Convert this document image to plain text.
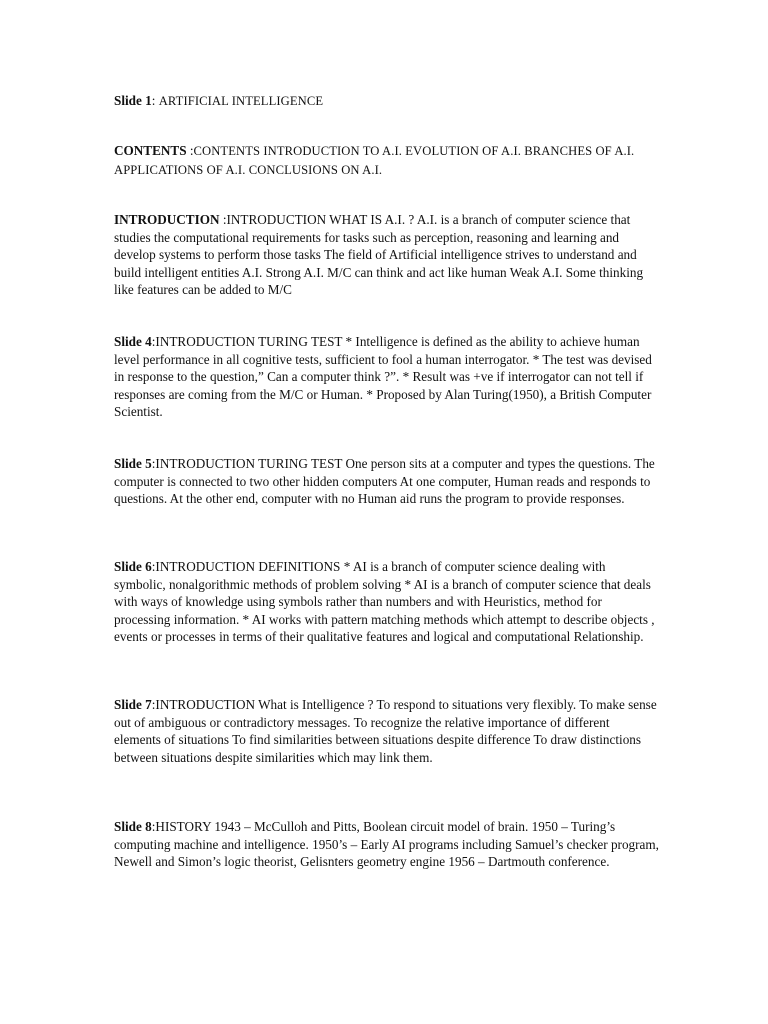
Slide 1: ARTIFICIAL INTELLIGENCE

CONTENTS :CONTENTS INTRODUCTION TO A.I. EVOLUTION OF A.I. BRANCHES OF A.I. APPLICATIONS OF A.I. CONCLUSIONS ON A.I.

INTRODUCTION :INTRODUCTION WHAT IS A.I. ? A.I. is a branch of computer science that studies the computational requirements for tasks such as perception, reasoning and learning and develop systems to perform those tasks The field of Artificial intelligence strives to understand and build intelligent entities A.I. Strong A.I. M/C can think and act like human Weak A.I. Some thinking like features can be added to M/C

Slide 4:INTRODUCTION TURING TEST * Intelligence is defined as the ability to achieve human level performance in all cognitive tests, sufficient to fool a human interrogator. * The test was devised in response to the question,” Can a computer think ?”. * Result was +ve if interrogator can not tell if responses are coming from the M/C or Human. * Proposed by Alan Turing(1950), a British Computer Scientist.

Slide 5:INTRODUCTION TURING TEST One person sits at a computer and types the questions. The computer is connected to two other hidden computers At one computer, Human reads and responds to questions. At the other end, computer with no Human aid runs the program to provide responses.

Slide 6:INTRODUCTION DEFINITIONS * AI is a branch of computer science dealing with symbolic, nonalgorithmic methods of problem solving * AI is a branch of computer science that deals with ways of knowledge using symbols rather than numbers and with Heuristics, method for processing information. * AI works with pattern matching methods which attempt to describe objects , events or processes in terms of their qualitative features and logical and computational Relationship.

Slide 7:INTRODUCTION What is Intelligence ? To respond to situations very flexibly. To make sense out of ambiguous or contradictory messages. To recognize the relative importance of different elements of situations To find similarities between situations despite difference To draw distinctions between situations despite similarities which may link them.

Slide 8:HISTORY 1943 – McCulloh and Pitts, Boolean circuit model of brain. 1950 – Turing’s computing machine and intelligence. 1950’s – Early AI programs including Samuel’s checker program, Newell and Simon’s logic theorist, Gelisnters geometry engine 1956 – Dartmouth conference.
